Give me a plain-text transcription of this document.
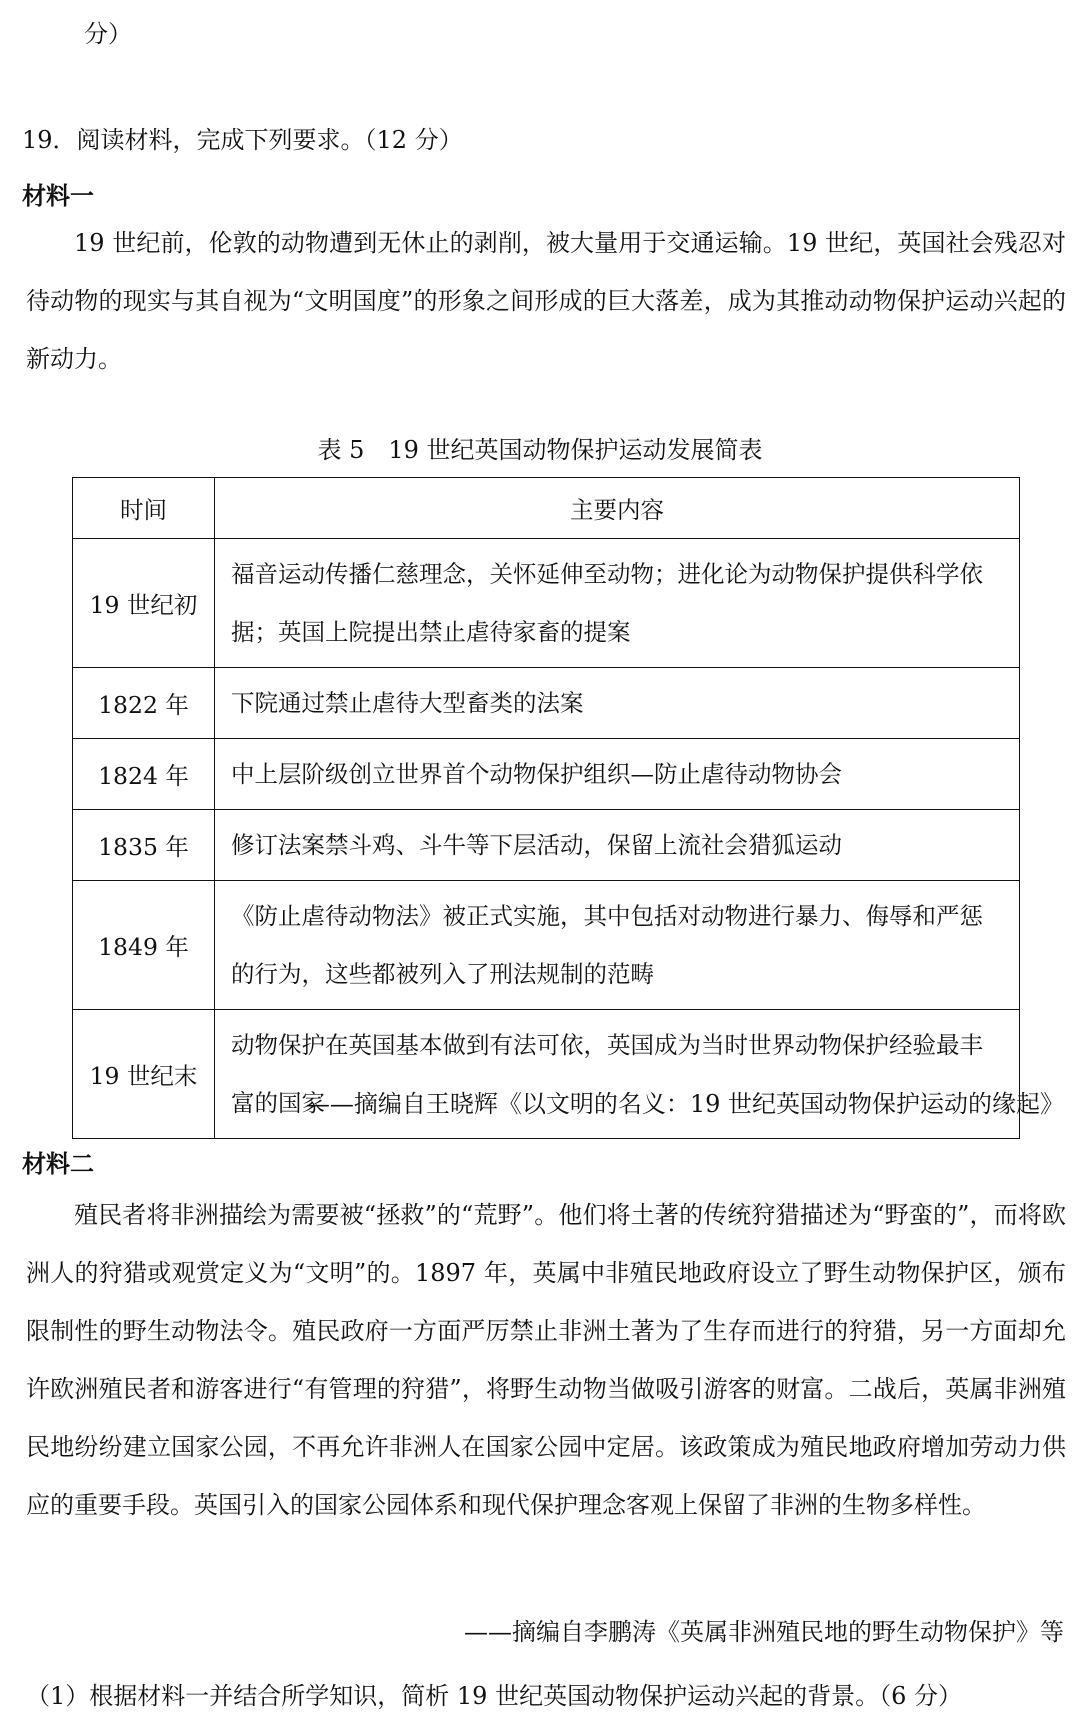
分）
19．阅读材料，完成下列要求。（12 分）
材料一
19 世纪前，伦敦的动物遭到无休止的剥削，被大量用于交通运输。19 世纪，英国社会残忍对待动物的现实与其自视为“文明国度”的形象之间形成的巨大落差，成为其推动动物保护运动兴起的新动力。
表 5　19 世纪英国动物保护运动发展简表
时间	主要内容
19 世纪初	福音运动传播仁慈理念，关怀延伸至动物；进化论为动物保护提供科学依据；英国上院提出禁止虐待家畜的提案
1822 年	下院通过禁止虐待大型畜类的法案
1824 年	中上层阶级创立世界首个动物保护组织—防止虐待动物协会
1835 年	修订法案禁斗鸡、斗牛等下层活动，保留上流社会猎狐运动
1849 年	《防止虐待动物法》被正式实施，其中包括对动物进行暴力、侮辱和严惩的行为，这些都被列入了刑法规制的范畴
19 世纪末	动物保护在英国基本做到有法可依，英国成为当时世界动物保护经验最丰富的国家
——摘编自王晓辉《以文明的名义：19 世纪英国动物保护运动的缘起》
材料二
殖民者将非洲描绘为需要被“拯救”的“荒野”。他们将土著的传统狩猎描述为“野蛮的”，而将欧洲人的狩猎或观赏定义为“文明”的。1897 年，英属中非殖民地政府设立了野生动物保护区，颁布限制性的野生动物法令。殖民政府一方面严厉禁止非洲土著为了生存而进行的狩猎，另一方面却允许欧洲殖民者和游客进行“有管理的狩猎”，将野生动物当做吸引游客的财富。二战后，英属非洲殖民地纷纷建立国家公园，不再允许非洲人在国家公园中定居。该政策成为殖民地政府增加劳动力供应的重要手段。英国引入的国家公园体系和现代保护理念客观上保留了非洲的生物多样性。
——摘编自李鹏涛《英属非洲殖民地的野生动物保护》等
（1）根据材料一并结合所学知识，简析 19 世纪英国动物保护运动兴起的背景。（6 分）
